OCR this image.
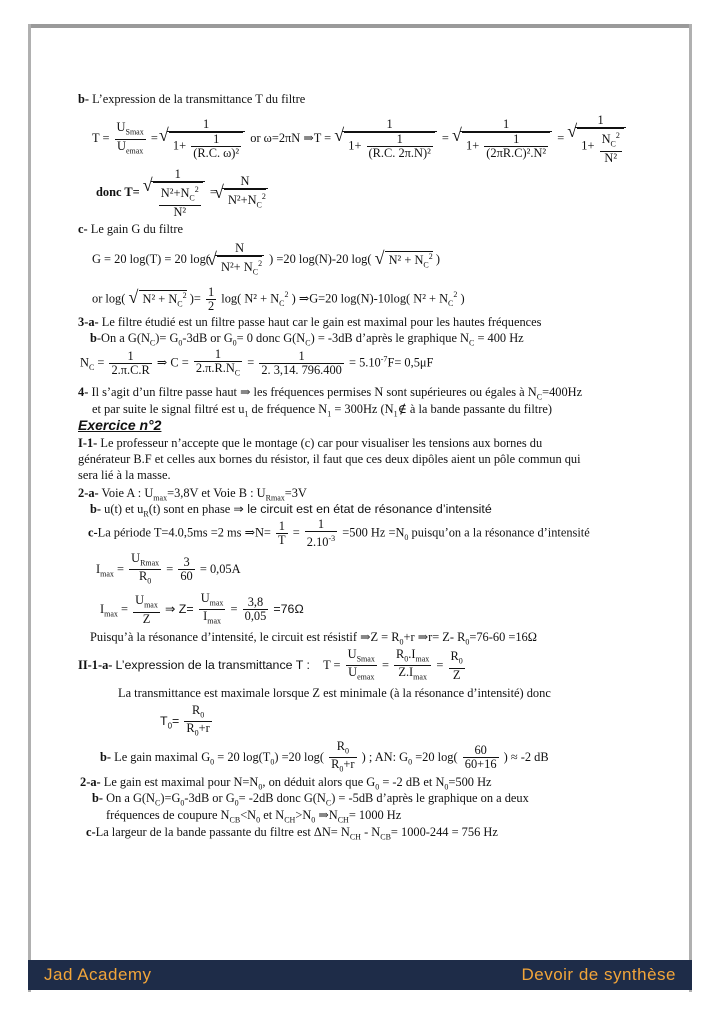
b- L’expression de la transmittance T du filtre
$T = \frac{U_{Smax}}{U_{emax}} = 1$
√ $1+ \frac{1}{\text{(R.C. ω)²}}$ or ω=2πN ⇒T = 1
√ $1+ \frac{1}{\text{(R.C. 2π.N)²}} = 1$
√ $1+ \frac{1}{\text{(2πR.C)².N²}} = 1$
√ $1+ \frac{N_C^2}{\text{N²}}$
donc T= 1
√ $\frac{N^2+N_C^2}{\text{N²}} = N$
√ $N^2+N_C^2$
c- Le gain G du filtre
G = 20 log(T) = 20 log( N
√ $N^2+ N_C^2$ ) =20 log(N)-20 log( √ $N^2 + N_C^2$ )
or log( √ $N^2 + N_C^2$ )= $\frac{1}{2} \log$( $N^2 + N_C^2$ ) ⇒G=20 log(N)-10log( $N^2 + N_C^2$ )
3-a- Le filtre étudié est un filtre passe haut car le gain est maximal pour les hautes fréquences
b-On a $G(N_C)= G_0-3dB$ or $G_0= 0$ donc $G(N_C) = -3dB$ d’après le graphique $N_C = 400$ Hz
$N_C = \frac{1}{2.\pi.C.R}$ ⇒ $C = \frac{1}{2.\pi.R.N_C} = \frac{1}{2. 3,14. 796.400} = 5.10^{-7}F= 0,5\mu F$
4- Il s’agit d’un filtre passe haut ⇒ les fréquences permises N sont supérieures ou égales à $N_C=400Hz$
et par suite le signal filtré est $u_1$ de fréquence $N_1 = 300Hz$ ($N_1\notin$ à la bande passante du filtre)
Exercice n°2
I-1- Le professeur n’accepte que le montage (c) car pour visualiser les tensions aux bornes du
générateur B.F et celles aux bornes du résistor, il faut que ces deux dipôles aient un pôle commun qui
sera lié à la masse.
2-a- Voie A : $U_{max}=3,8V$ et Voie B : $U_{Rmax}=3V$
b- u(t) et $u_R(t)$ sont en phase ⇒ le circuit est en état de résonance d’intensité
c-La période T=4.0,5ms =2 ms ⇒N= $\frac{1}{T} = \frac{1}{2.10^{-3}} =500$ $Hz =N_0$ puisqu’on a la résonance d’intensité
$I_{max} = \frac{U_{Rmax}}{R_0} = \frac{3}{60} = 0,05A$
$I_{max} = \frac{U_{max}}{Z}$ ⇒ $Z= \frac{U_{max}}{I_{max}} = \frac{3,8}{0,05} =76\Omega$
Puisqu’à la résonance d’intensité, le circuit est résistif ⇒Z = $R_0+r$ ⇒r= Z- $R_0=76-60 =16\Omega$
II-1-a- L’expression de la transmittance T : $T = \frac{U_{Smax}}{U_{emax}} = \frac{R_0.I_{max}}{Z.I_{max}} = \frac{R_0}{Z}$
La transmittance est maximale lorsque Z est minimale (à la résonance d’intensité) donc
$T_0= \frac{R_0}{R_0+r}$
b- Le gain maximal $G_0 = 20$ $\log(T_0) =20$ $\log( \frac{R_0}{R_0+r}$ ) ; AN: $G_0 =20$ $\log( \frac{60}{60+16}$ ) ≈ -2 dB
2-a- Le gain est maximal pour $N=N_0$, on déduit alors que $G_0 = -2$ dB et $N_0=500$ Hz
b- On a $G(N_C)=G_0-3dB$ or $G_0= -2dB$ donc $G(N_C) = -5dB$ d’après le graphique on a deux
fréquences de coupure $N_{CB}<N_0$ et $N_{CH}>N_0$ $\Rightarrow N_{CH}= 1000$ Hz
c-La largeur de la bande passante du filtre est $\Delta N= N_{CH} - N_{CB}= 1000-244 = 756$ Hz
Jad Academy	Devoir de synthèse
